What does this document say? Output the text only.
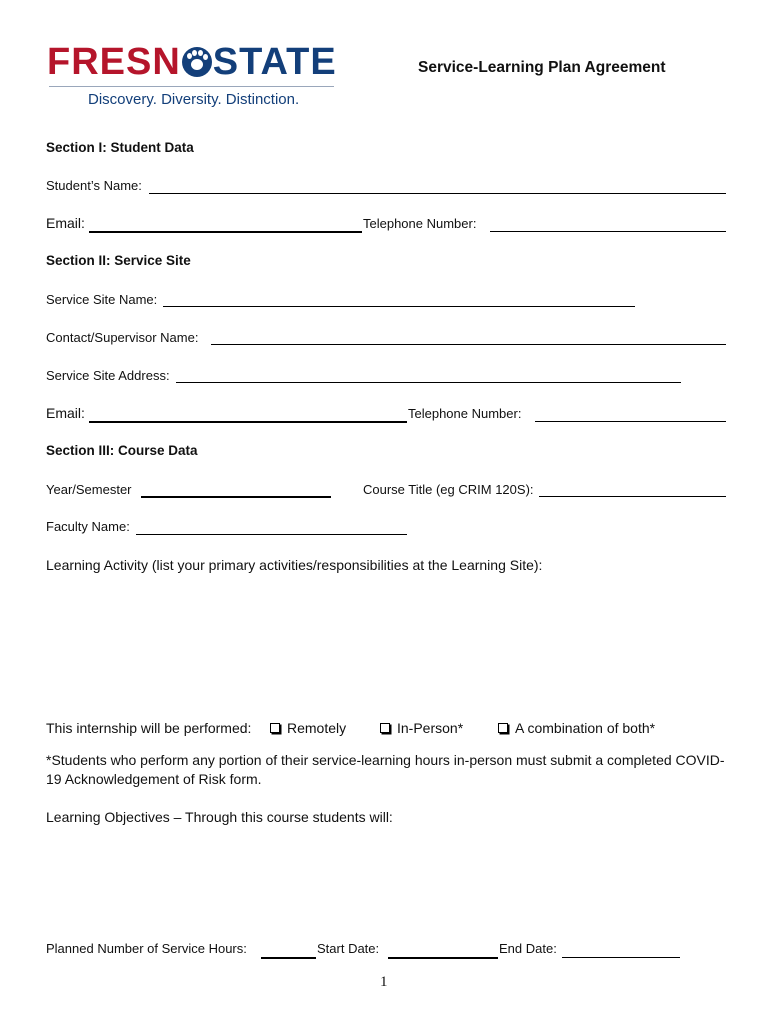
FRESN STATE
Discovery. Diversity. Distinction.
Service-Learning Plan Agreement
Section I: Student Data
Student’s Name:
Email:	Telephone Number:
Section II: Service Site
Service Site Name:
Contact/Supervisor Name:
Service Site Address:
Email:	Telephone Number:
Section III: Course Data
Year/Semester	Course Title (eg CRIM 120S):
Faculty Name:
Learning Activity (list your primary activities/responsibilities at the Learning Site):
This internship will be performed:	Remotely	In-Person*	A combination of both*
*Students who perform any portion of their service-learning hours in-person must submit a completed COVID-19 Acknowledgement of Risk form.
Learning Objectives – Through this course students will:
Planned Number of Service Hours:	Start Date:	End Date:
1
